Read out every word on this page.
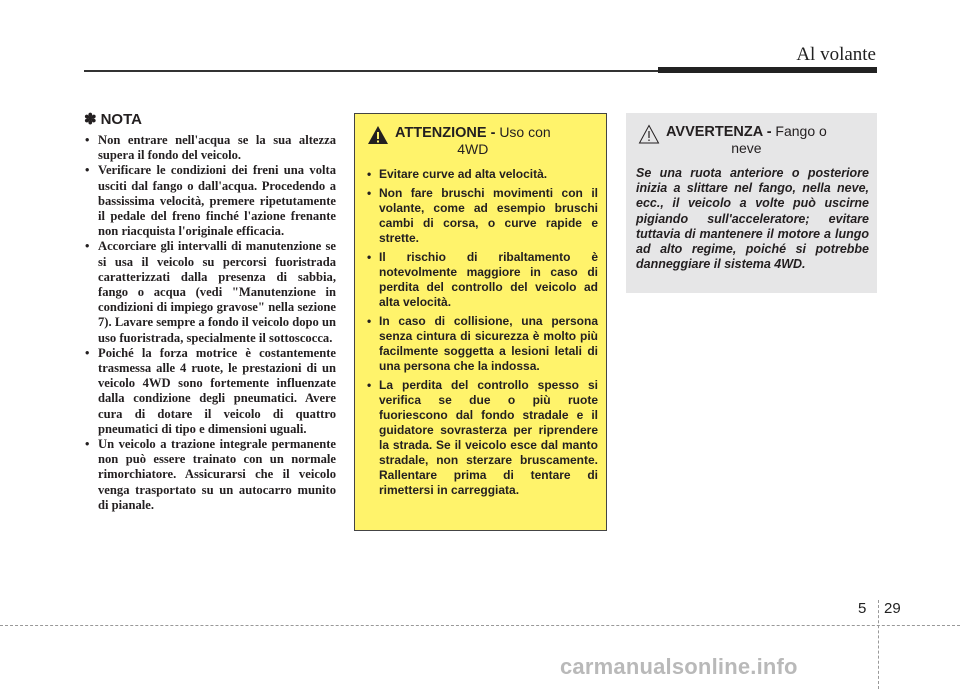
Al volante
✽ NOTA
• Non entrare nell'acqua se la sua altezza supera il fondo del veicolo.
• Verificare le condizioni dei freni una volta usciti dal fango o dall'acqua. Procedendo a bassissima velocità, premere ripetutamente il pedale del freno finché l'azione frenante non riacquista l'originale efficacia.
• Accorciare gli intervalli di manutenzione se si usa il veicolo su percorsi fuoristrada caratterizzati dalla presenza di sabbia, fango o acqua (vedi "Manutenzione in condizioni di impiego gravose" nella sezione 7). Lavare sempre a fondo il veicolo dopo un uso fuoristrada, specialmente il sottoscocca.
• Poiché la forza motrice è costantemente trasmessa alle 4 ruote, le prestazioni di un veicolo 4WD sono fortemente influenzate dalla condizione degli pneumatici. Avere cura di dotare il veicolo di quattro pneumatici di tipo e dimensioni uguali.
• Un veicolo a trazione integrale permanente non può essere trainato con un normale rimorchiatore. Assicurarsi che il veicolo venga trasportato su un autocarro munito di pianale.
ATTENZIONE - Uso con
4WD
• Evitare curve ad alta velocità.
• Non fare bruschi movimenti con il volante, come ad esempio bruschi cambi di corsa, o curve rapide e strette.
• Il rischio di ribaltamento è notevolmente maggiore in caso di perdita del controllo del veicolo ad alta velocità.
• In caso di collisione, una persona senza cintura di sicurezza è molto più facilmente soggetta a lesioni letali di una persona che la indossa.
• La perdita del controllo spesso si verifica se due o più ruote fuoriescono dal fondo stradale e il guidatore sovrasterza per riprendere la strada. Se il veicolo esce dal manto stradale, non sterzare bruscamente. Rallentare prima di tentare di rimettersi in carreggiata.
AVVERTENZA - Fango o
neve

Se una ruota anteriore o posteriore inizia a slittare nel fango, nella neve, ecc., il veicolo a volte può uscirne pigiando sull'acceleratore; evitare tuttavia di mantenere il motore a lungo ad alto regime, poiché si potrebbe danneggiare il sistema 4WD.

5 29
carmanualsonline.info
